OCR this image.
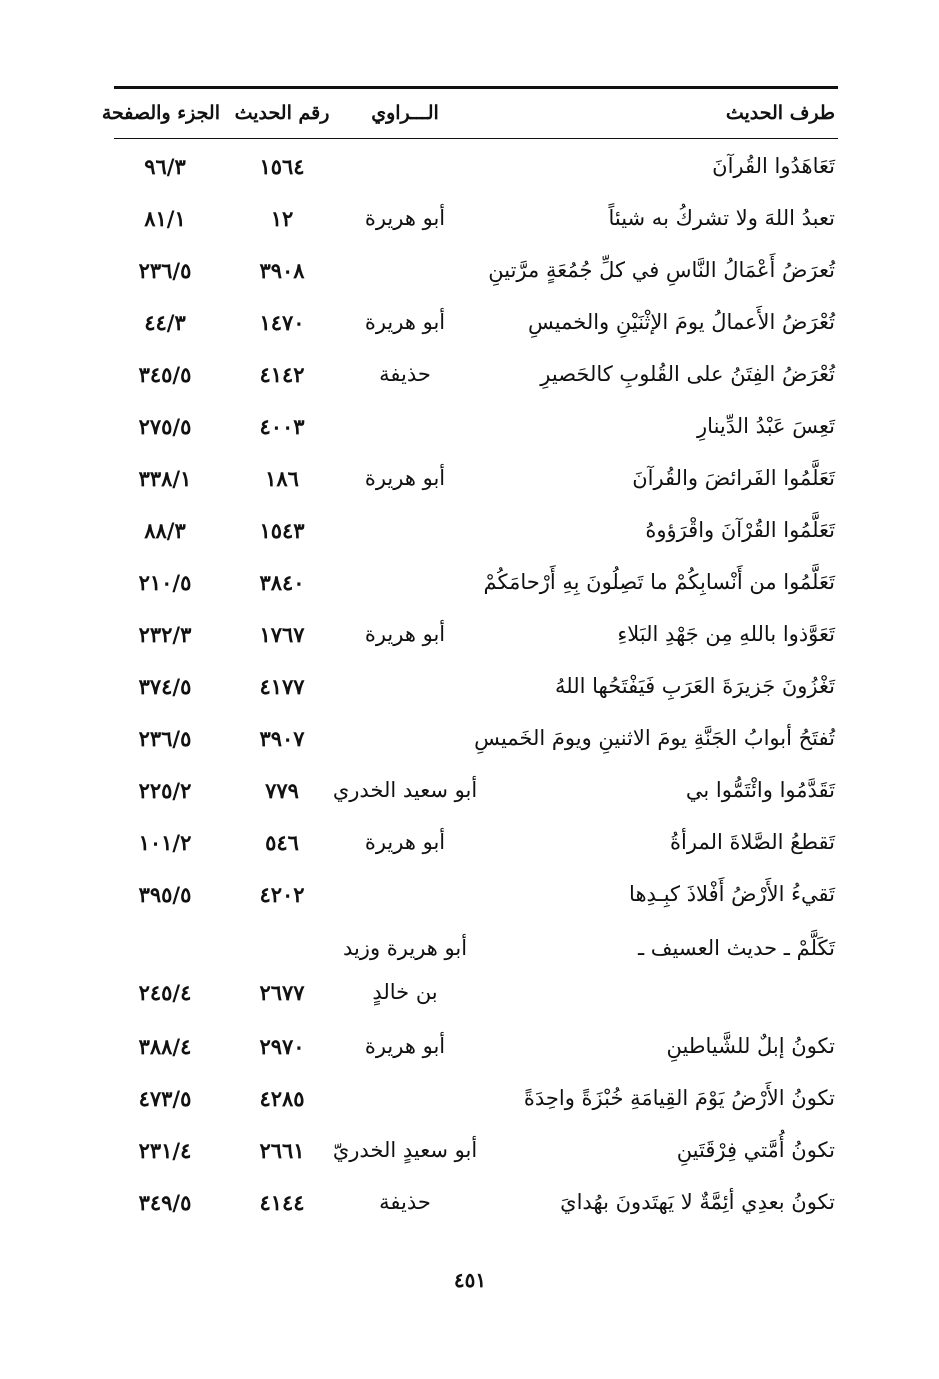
طرف الحديث
الـــراوي
رقم الحديث
الجزء والصفحة
تَعَاهَدُوا القُرآنَ
١٥٦٤
٩٦/٣
تعبدُ اللهَ ولا تشركُ به شيئاً
أبو هريرة
١٢
٨١/١
تُعرَضُ أَعْمَالُ النَّاسِ في كلِّ جُمُعَةٍ مرَّتينِ
٣٩٠٨
٢٣٦/٥
تُعْرَضُ الأَعمالُ يومَ الإثْنَيْنِ والخميسِ
أبو هريرة
١٤٧٠
٤٤/٣
تُعْرَضُ الفِتَنُ على القُلوبِ كالحَصيرِ
حذيفة
٤١٤٢
٣٤٥/٥
تَعِسَ عَبْدُ الدِّينارِ
٤٠٠٣
٢٧٥/٥
تَعَلَّمُوا الفَرائضَ والقُرآنَ
أبو هريرة
١٨٦
٣٣٨/١
تَعَلَّمُوا القُرْآنَ واقْرَؤوهُ
١٥٤٣
٨٨/٣
تَعَلَّمُوا من أَنْسابِكُمْ ما تَصِلُونَ بِهِ أَرْحامَكُمْ
٣٨٤٠
٢١٠/٥
تَعَوَّذوا باللهِ مِن جَهْدِ البَلاءِ
أبو هريرة
١٧٦٧
٢٣٢/٣
تَغْزُونَ جَزيرَةَ العَرَبِ فَيَفْتَحُها اللهُ
٤١٧٧
٣٧٤/٥
تُفتَحُ أبوابُ الجَنَّةِ يومَ الاثنينِ ويومَ الخَميسِ
٣٩٠٧
٢٣٦/٥
تَقَدَّمُوا وائْتَمُّوا بي
أبو سعيد الخدري
٧٧٩
٢٢٥/٢
تَقطعُ الصَّلاةَ المرأةُ
أبو هريرة
٥٤٦
١٠١/٢
تَقيءُ الأَرْضُ أَفْلاذَ كبِـدِها
٤٢٠٢
٣٩٥/٥
تَكَلَّمْ ـ حديث العسيف ـ
أبو هريرة وزيد
بن خالدٍ
٢٦٧٧
٢٤٥/٤
تكونُ إبلٌ للشَّياطينِ
أبو هريرة
٢٩٧٠
٣٨٨/٤
تكونُ الأَرْضُ يَوْمَ القِيامَةِ خُبْزَةً واحِدَةً
٤٢٨٥
٤٧٣/٥
تكونُ أُمَّتي فِرْقَتَينِ
أبو سعيدٍ الخدريّ
٢٦٦١
٢٣١/٤
تكونُ بعدِي أئِمَّةٌ لا يَهتَدونَ بهُدايَ
حذيفة
٤١٤٤
٣٤٩/٥
٤٥١
